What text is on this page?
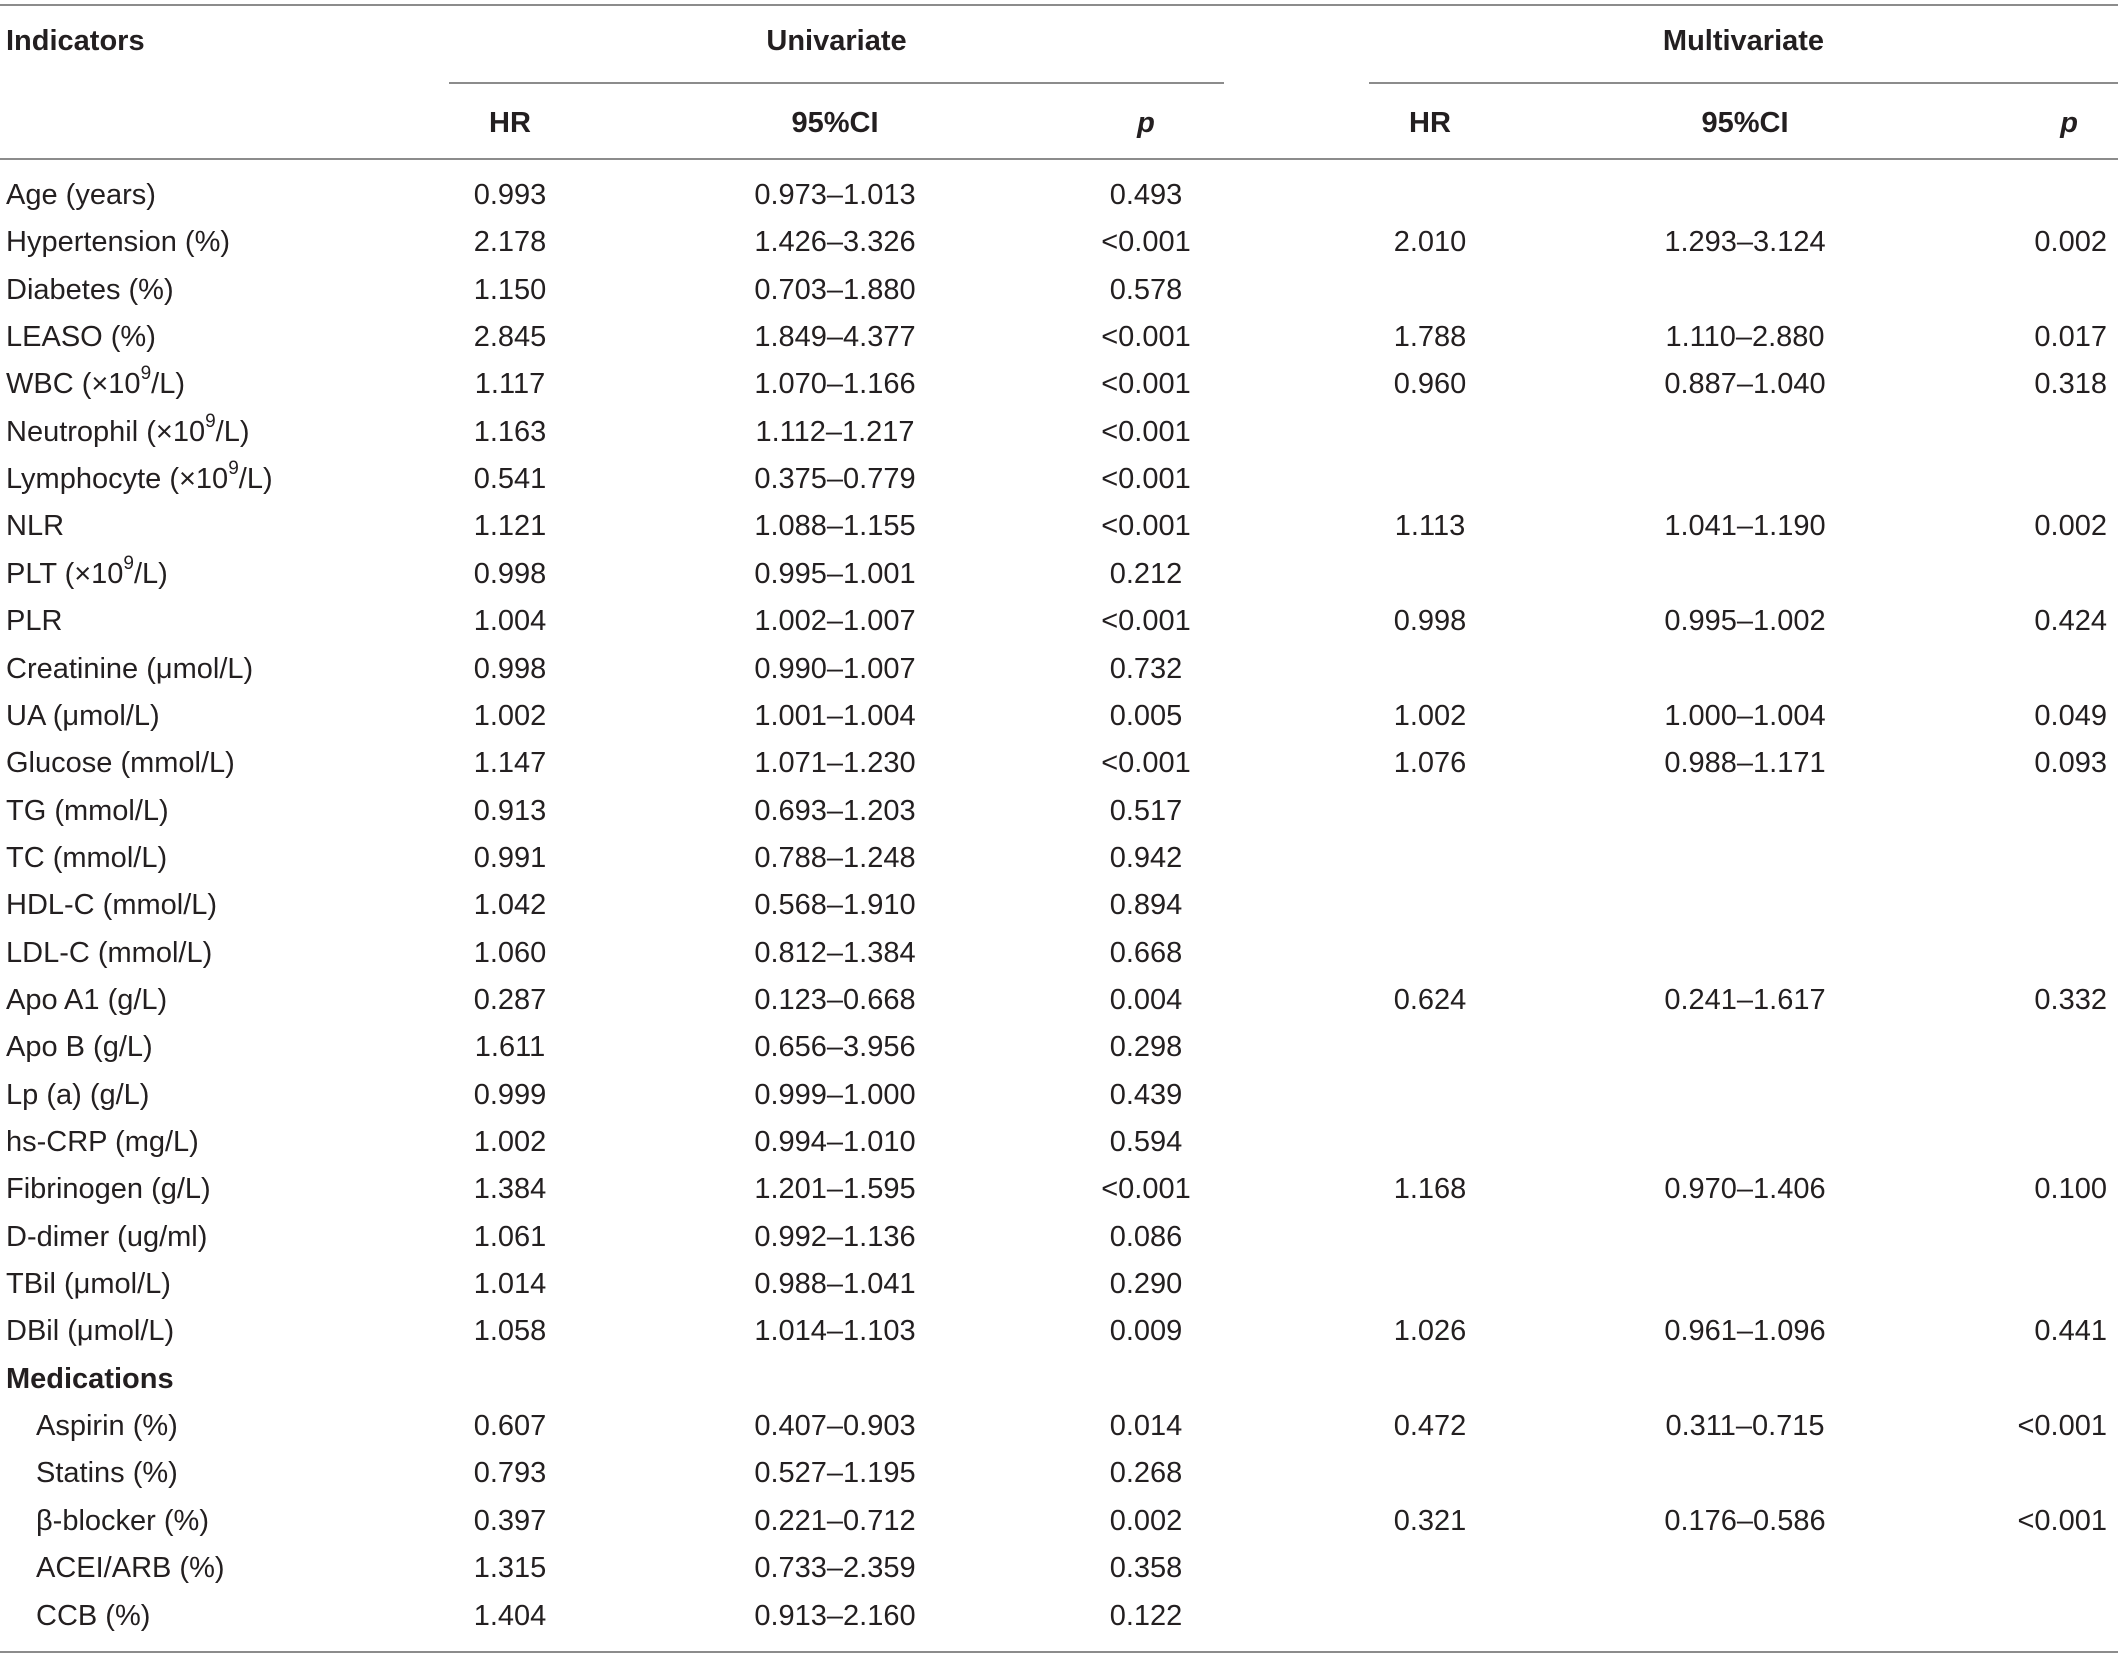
Indicators	Univariate	Multivariate
HR	95%CI	p	HR	95%CI	p
Age (years)	0.993	0.973–1.013	0.493
Hypertension (%)	2.178	1.426–3.326	<0.001	2.010	1.293–3.124	0.002
Diabetes (%)	1.150	0.703–1.880	0.578
LEASO (%)	2.845	1.849–4.377	<0.001	1.788	1.110–2.880	0.017
WBC $(\times 10^9/L)$	1.117	1.070–1.166	<0.001	0.960	0.887–1.040	0.318
Neutrophil $(\times 10^9/L)$	1.163	1.112–1.217	<0.001
Lymphocyte $(\times 10^9/L)$	0.541	0.375–0.779	<0.001
NLR	1.121	1.088–1.155	<0.001	1.113	1.041–1.190	0.002
PLT $(\times 10^9/L)$	0.998	0.995–1.001	0.212
PLR	1.004	1.002–1.007	<0.001	0.998	0.995–1.002	0.424
Creatinine (μmol/L)	0.998	0.990–1.007	0.732
UA (μmol/L)	1.002	1.001–1.004	0.005	1.002	1.000–1.004	0.049
Glucose (mmol/L)	1.147	1.071–1.230	<0.001	1.076	0.988–1.171	0.093
TG (mmol/L)	0.913	0.693–1.203	0.517
TC (mmol/L)	0.991	0.788–1.248	0.942
HDL-C (mmol/L)	1.042	0.568–1.910	0.894
LDL-C (mmol/L)	1.060	0.812–1.384	0.668
Apo A1 (g/L)	0.287	0.123–0.668	0.004	0.624	0.241–1.617	0.332
Apo B (g/L)	1.611	0.656–3.956	0.298
Lp (a) (g/L)	0.999	0.999–1.000	0.439
hs-CRP (mg/L)	1.002	0.994–1.010	0.594
Fibrinogen (g/L)	1.384	1.201–1.595	<0.001	1.168	0.970–1.406	0.100
D-dimer (ug/ml)	1.061	0.992–1.136	0.086
TBil (μmol/L)	1.014	0.988–1.041	0.290
DBil (μmol/L)	1.058	1.014–1.103	0.009	1.026	0.961–1.096	0.441
Medications
Aspirin (%)	0.607	0.407–0.903	0.014	0.472	0.311–0.715	<0.001
Statins (%)	0.793	0.527–1.195	0.268
β-blocker (%)	0.397	0.221–0.712	0.002	0.321	0.176–0.586	<0.001
ACEI/ARB (%)	1.315	0.733–2.359	0.358
CCB (%)	1.404	0.913–2.160	0.122
